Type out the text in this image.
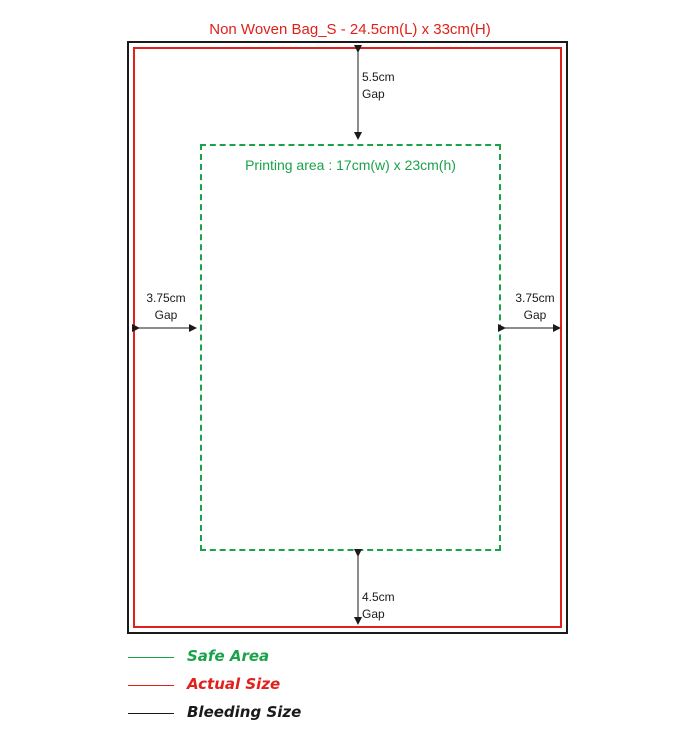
Non Woven Bag_S - 24.5cm(L) x 33cm(H)
Printing area : 17cm(w) x 23cm(h)
5.5cm
Gap
4.5cm
Gap
3.75cm
Gap
3.75cm
Gap
Safe Area
Actual Size
Bleeding Size
